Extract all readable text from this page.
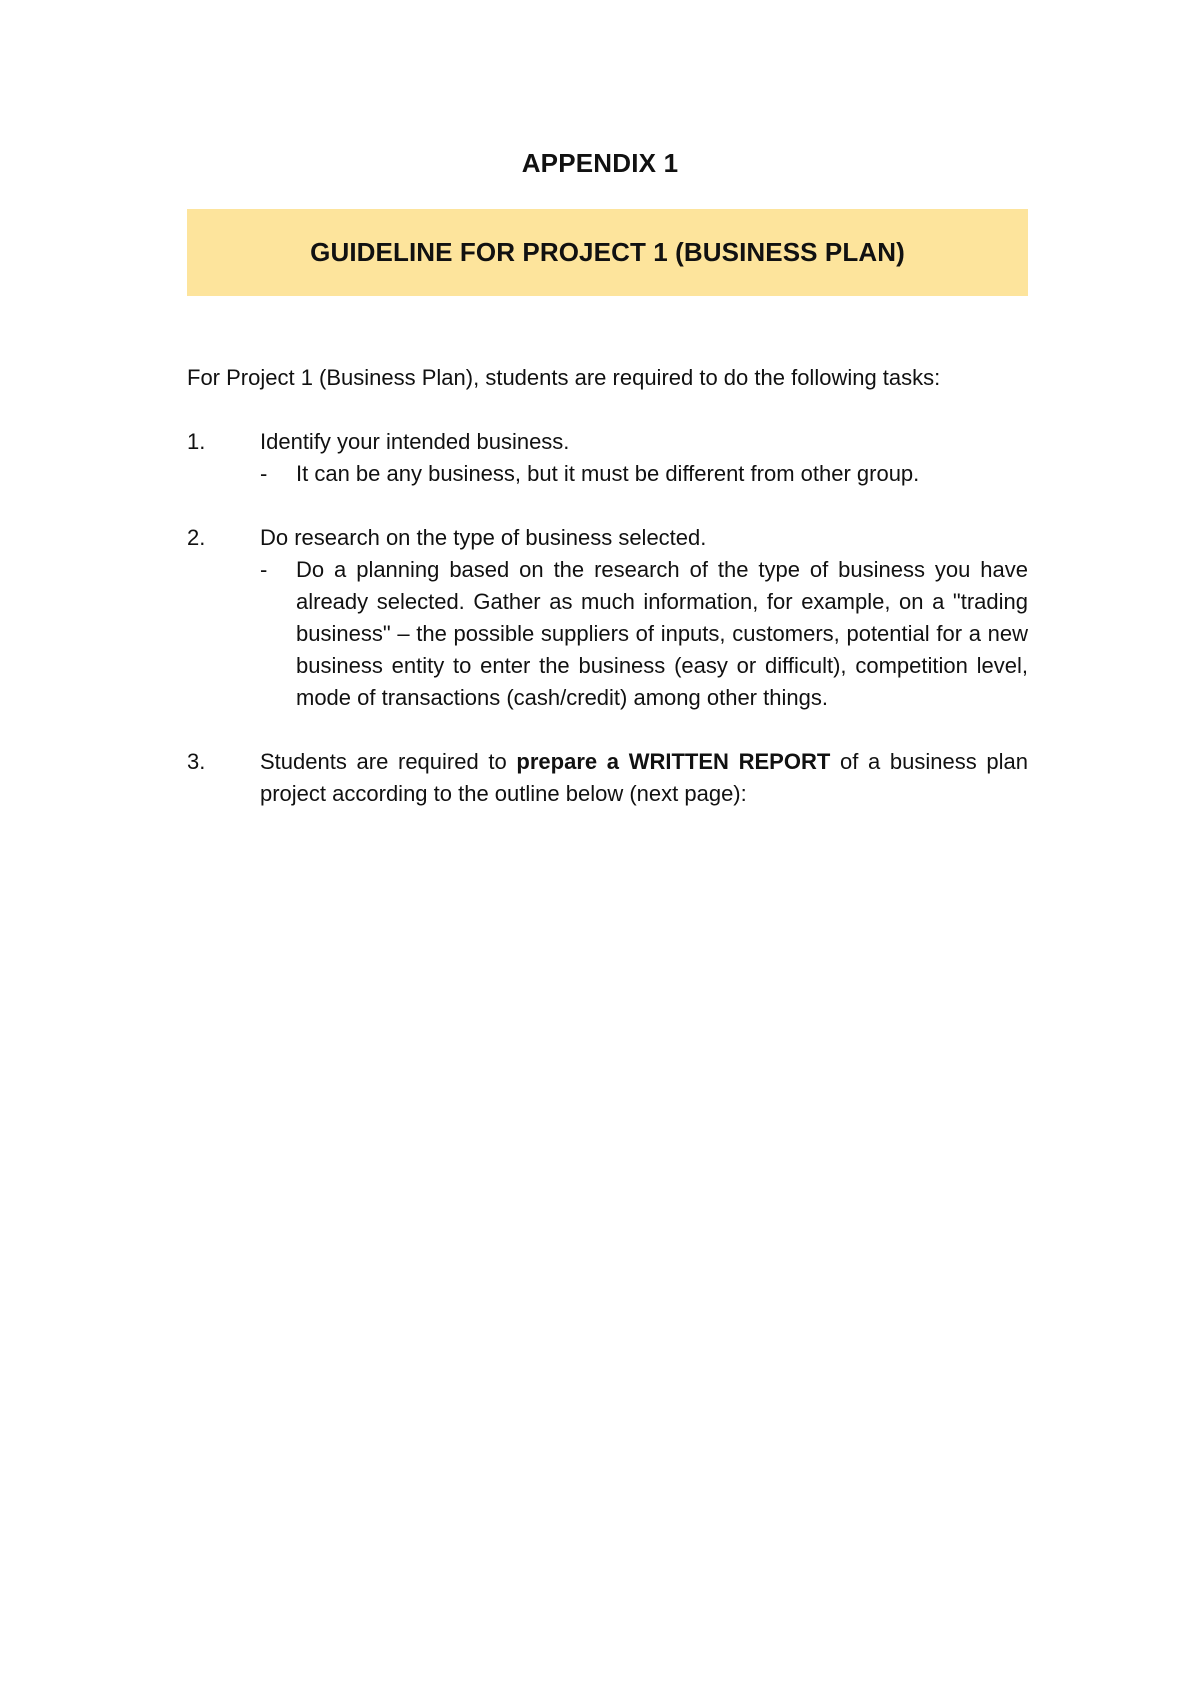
APPENDIX 1
GUIDELINE FOR PROJECT 1 (BUSINESS PLAN)
For Project 1 (Business Plan), students are required to do the following tasks:
1. Identify your intended business.
- It can be any business, but it must be different from other group.
2. Do research on the type of business selected.
- Do a planning based on the research of the type of business you have already selected. Gather as much information, for example, on a "trading business" – the possible suppliers of inputs, customers, potential for a new business entity to enter the business (easy or difficult), competition level, mode of transactions (cash/credit) among other things.
3. Students are required to prepare a WRITTEN REPORT of a business plan project according to the outline below (next page):
